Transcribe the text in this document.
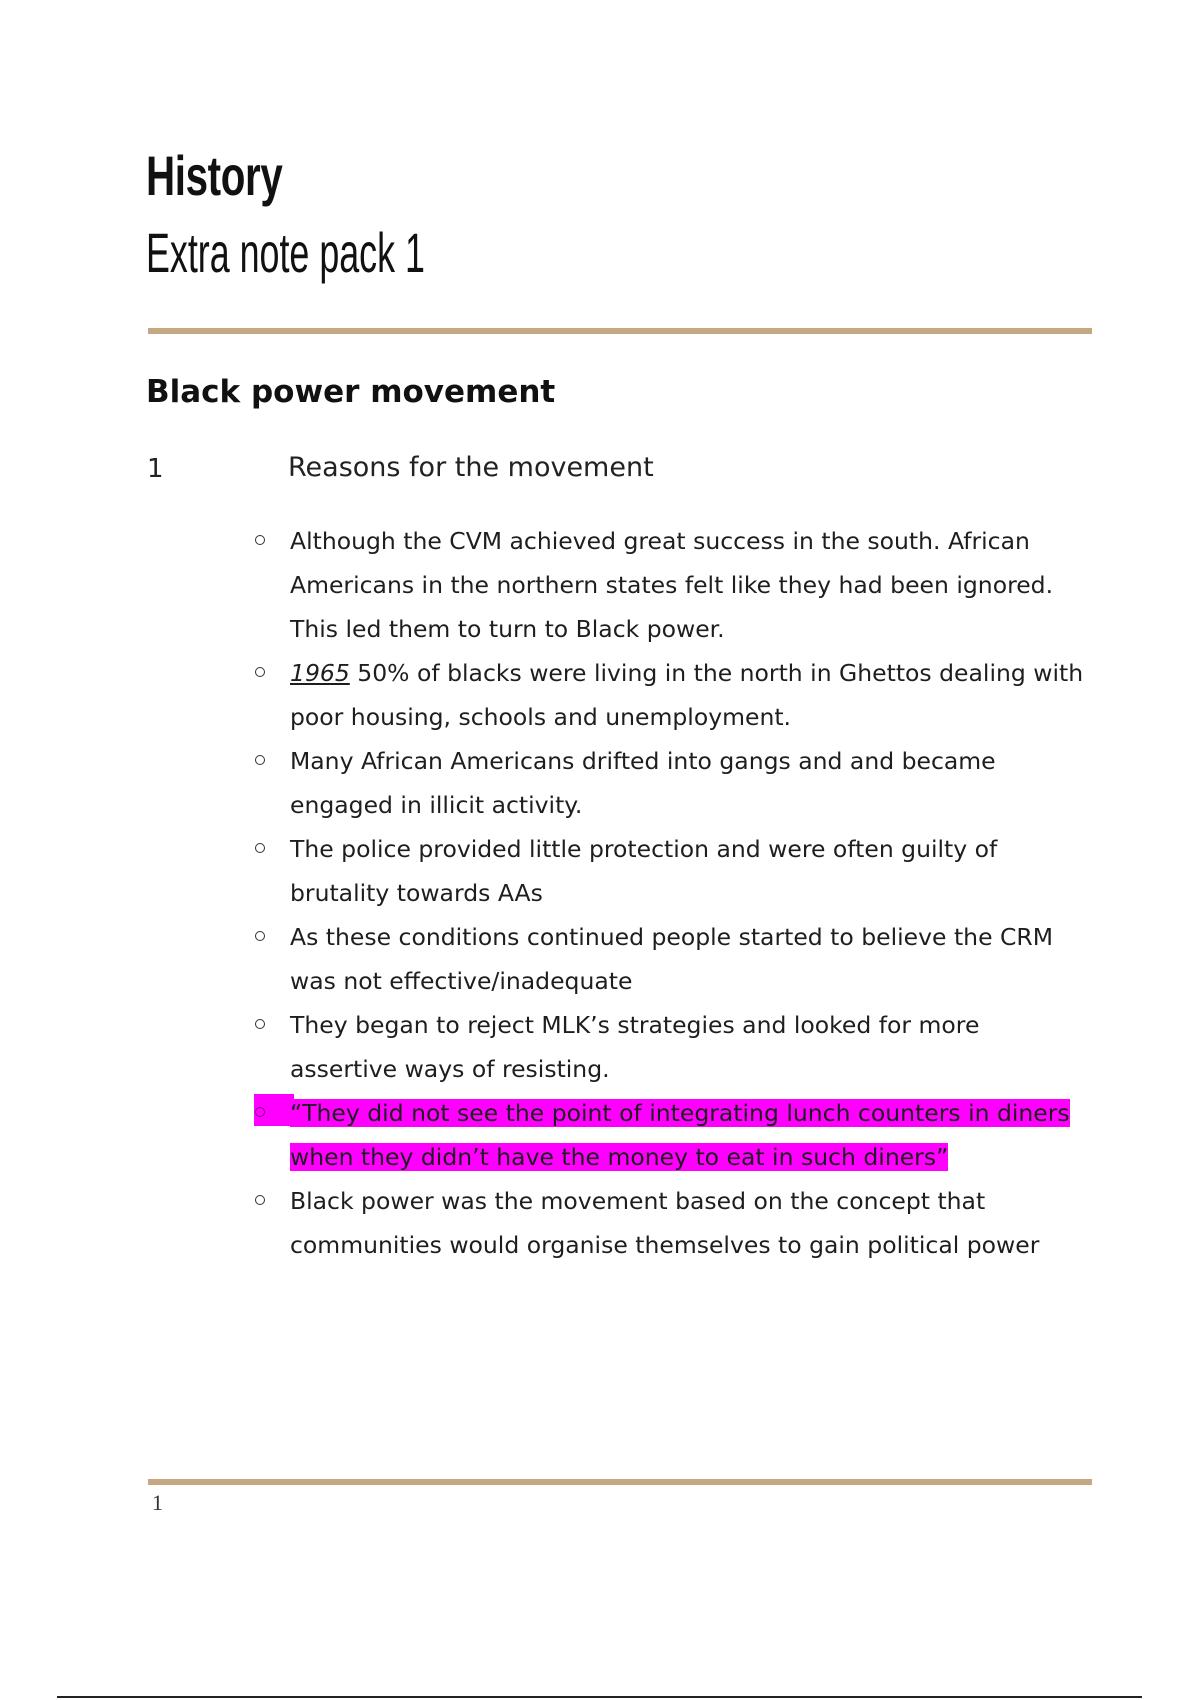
History
Extra note pack 1
Black power movement
1	Reasons for the movement
Although the CVM achieved great success in the south. African Americans in the northern states felt like they had been ignored. This led them to turn to Black power.
1965 50% of blacks were living in the north in Ghettos dealing with poor housing, schools and unemployment.
Many African Americans drifted into gangs and and became engaged in illicit activity.
The police provided little protection and were often guilty of brutality towards AAs
As these conditions continued people started to believe the CRM was not effective/inadequate
They began to reject MLK’s strategies and looked for more assertive ways of resisting.
“They did not see the point of integrating lunch counters in diners when they didn’t have the money to eat in such diners”
Black power was the movement based on the concept that communities would organise themselves to gain political power
1
